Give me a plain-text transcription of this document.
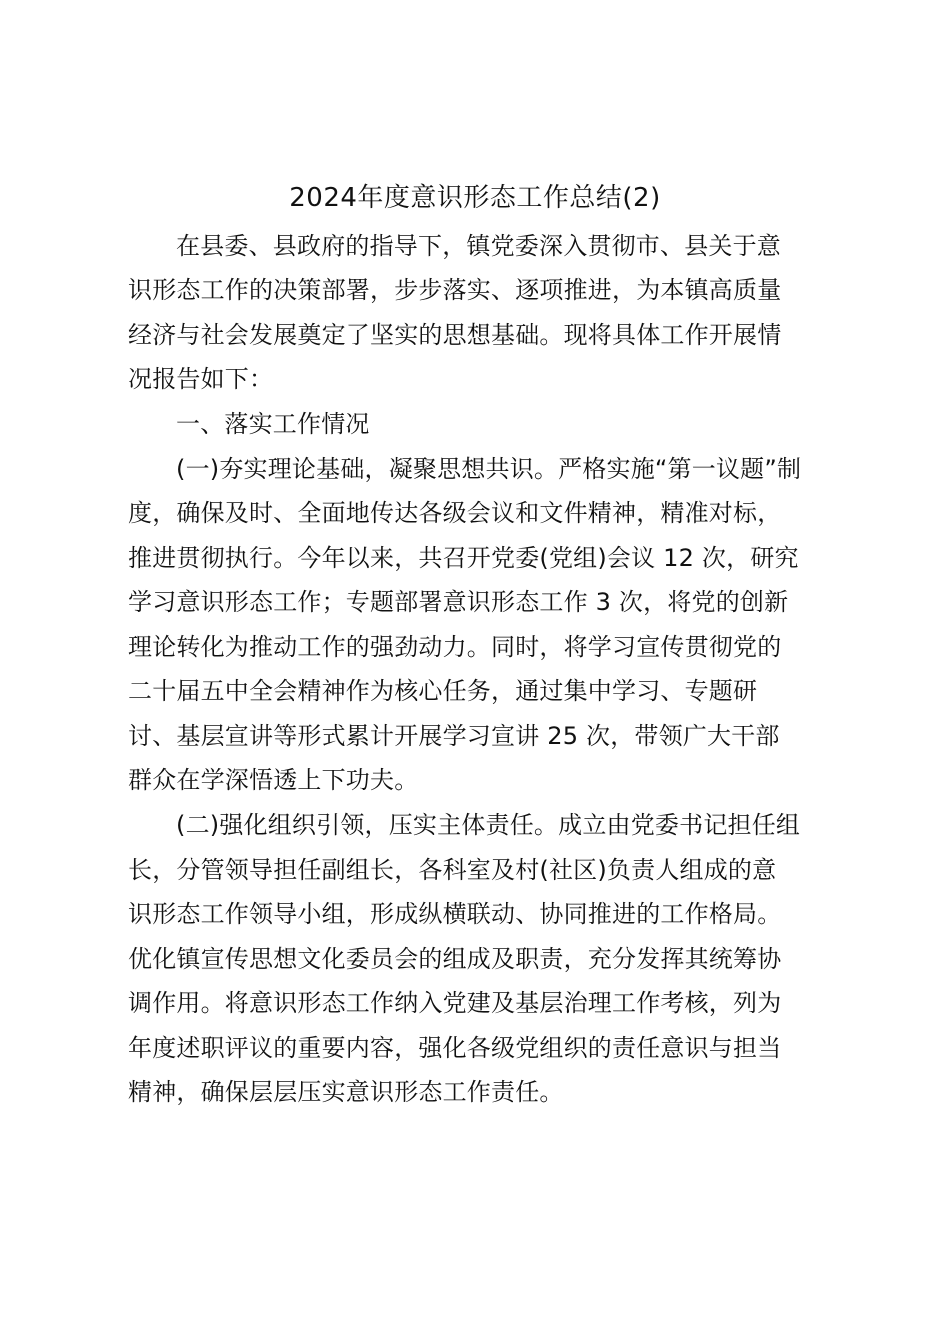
2024年度意识形态工作总结(2)
在县委、县政府的指导下，镇党委深入贯彻市、县关于意
识形态工作的决策部署，步步落实、逐项推进，为本镇高质量
经济与社会发展奠定了坚实的思想基础。现将具体工作开展情
况报告如下：
一、落实工作情况
(一)夯实理论基础，凝聚思想共识。严格实施“第一议题”制
度，确保及时、全面地传达各级会议和文件精神，精准对标，
推进贯彻执行。今年以来，共召开党委(党组)会议 12 次，研究
学习意识形态工作；专题部署意识形态工作 3 次，将党的创新
理论转化为推动工作的强劲动力。同时，将学习宣传贯彻党的
二十届五中全会精神作为核心任务，通过集中学习、专题研
讨、基层宣讲等形式累计开展学习宣讲 25 次，带领广大干部
群众在学深悟透上下功夫。
(二)强化组织引领，压实主体责任。成立由党委书记担任组
长，分管领导担任副组长，各科室及村(社区)负责人组成的意
识形态工作领导小组，形成纵横联动、协同推进的工作格局。
优化镇宣传思想文化委员会的组成及职责，充分发挥其统筹协
调作用。将意识形态工作纳入党建及基层治理工作考核，列为
年度述职评议的重要内容，强化各级党组织的责任意识与担当
精神，确保层层压实意识形态工作责任。
